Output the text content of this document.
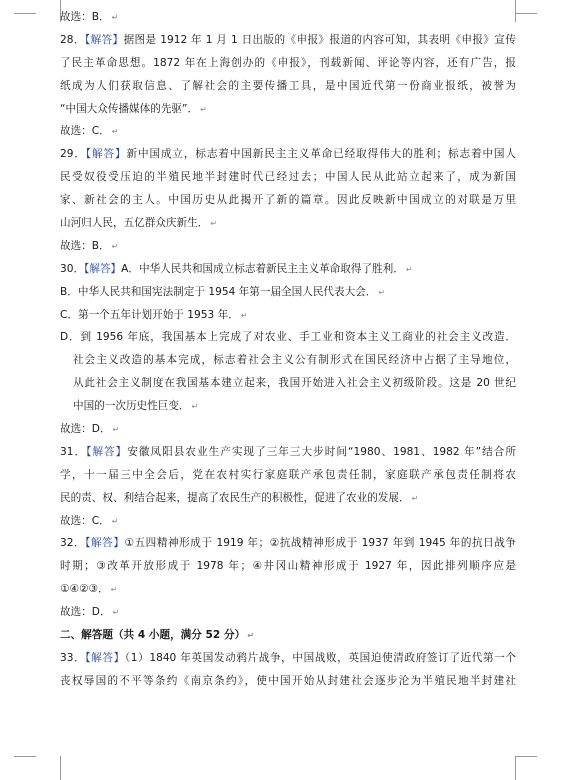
故选：B． ↵
28．【解答】据图是 1912 年 1 月 1 日出版的《申报》报道的内容可知，其表明《申报》宣传
了民主革命思想。1872 年在上海创办的《申报》，刊载新闻、评论等内容，还有广告，报
纸成为人们获取信息、了解社会的主要传播工具，是中国近代第一份商业报纸，被誉为
“中国大众传播媒体的先驱”． ↵
故选：C． ↵
29．【解答】新中国成立，标志着中国新民主主义革命已经取得伟大的胜利；标志着中国人
民受奴役受压迫的半殖民地半封建时代已经过去；中国人民从此站立起来了，成为新国
家、新社会的主人。中国历史从此揭开了新的篇章。因此反映新中国成立的对联是万里
山河归人民，五亿群众庆新生． ↵
故选：B． ↵
30．【解答】A．中华人民共和国成立标志着新民主主义革命取得了胜利． ↵
B．中华人民共和国宪法制定于 1954 年第一届全国人民代表大会． ↵
C．第一个五年计划开始于 1953 年． ↵
D．到 1956 年底，我国基本上完成了对农业、手工业和资本主义工商业的社会主义改造．
社会主义改造的基本完成，标志着社会主义公有制形式在国民经济中占据了主导地位，
从此社会主义制度在我国基本建立起来，我国开始进入社会主义初级阶段。这是 20 世纪
中国的一次历史性巨变． ↵
故选：D． ↵
31．【解答】安徽凤阳县农业生产实现了三年三大步时间“1980、1981、1982 年”结合所
学，十一届三中全会后，党在农村实行家庭联产承包责任制，家庭联产承包责任制将农
民的责、权、利结合起来，提高了农民生产的积极性，促进了农业的发展． ↵
故选：C． ↵
32．【解答】①五四精神形成于 1919 年；②抗战精神形成于 1937 年到 1945 年的抗日战争
时期；③改革开放形成于 1978 年；④井冈山精神形成于 1927 年，因此排列顺序应是
①④②③． ↵
故选：D． ↵
二、解答题（共 4 小题，满分 52 分） ↵
33．【解答】（1）1840 年英国发动鸦片战争，中国战败，英国迫使清政府签订了近代第一个
丧权辱国的不平等条约《南京条约》，使中国开始从封建社会逐步沦为半殖民地半封建社
